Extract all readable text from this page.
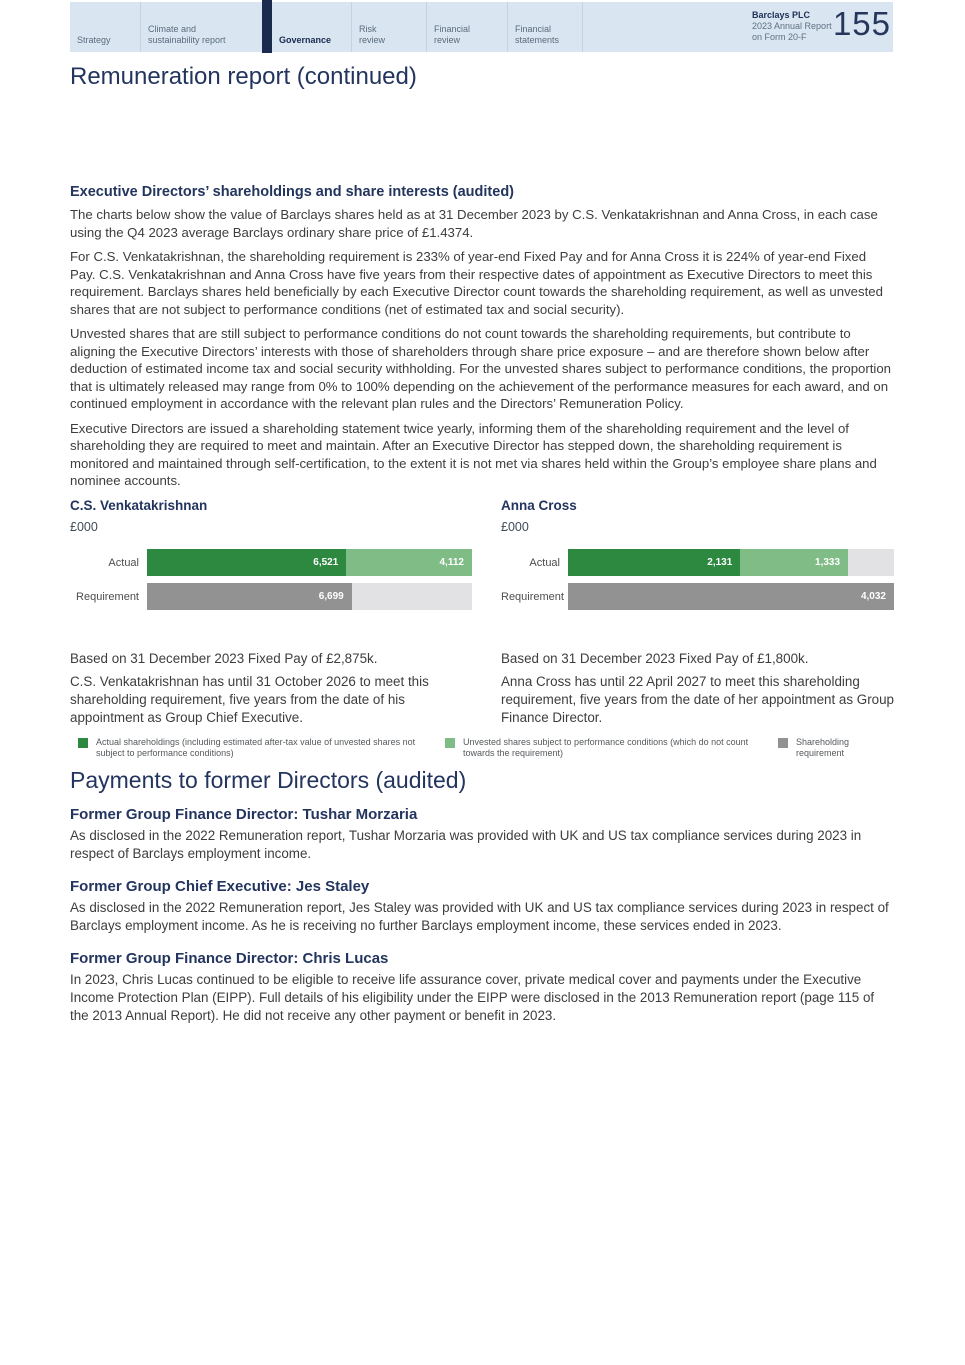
Strategy
Climate and sustainability report	Governance
Risk review
Financial review
Financial statements
Barclays PLC
2023 Annual Report
on Form 20-F 155
Remuneration report (continued)
Executive Directors’ shareholdings and share interests (audited)

The charts below show the value of Barclays shares held as at 31 December 2023 by C.S. Venkatakrishnan and Anna Cross, in each case using the Q4 2023 average Barclays ordinary share price of £1.4374.

For C.S. Venkatakrishnan, the shareholding requirement is 233% of year-end Fixed Pay and for Anna Cross it is 224% of year-end Fixed Pay. C.S. Venkatakrishnan and Anna Cross have five years from their respective dates of appointment as Executive Directors to meet this requirement. Barclays shares held beneficially by each Executive Director count towards the shareholding requirement, as well as unvested shares that are not subject to performance conditions (net of estimated tax and social security).

Unvested shares that are still subject to performance conditions do not count towards the shareholding requirements, but contribute to aligning the Executive Directors’ interests with those of shareholders through share price exposure – and are therefore shown below after deduction of estimated income tax and social security withholding. For the unvested shares subject to performance conditions, the proportion that is ultimately released may range from 0% to 100% depending on the achievement of the performance measures for each award, and on continued employment in accordance with the relevant plan rules and the Directors’ Remuneration Policy.

Executive Directors are issued a shareholding statement twice yearly, informing them of the shareholding requirement and the level of shareholding they are required to meet and maintain. After an Executive Director has stepped down, the shareholding requirement is monitored and maintained through self-certification, to the extent it is not met via shares held within the Group’s employee share plans and nominee accounts.

C.S. Venkatakrishnan
£000
Actual	6,521	4,112
Requirement	6,699
Anna Cross
£000
Actual	2,131	1,333
Requirement	4,032

Based on 31 December 2023 Fixed Pay of £2,875k.

C.S. Venkatakrishnan has until 31 October 2026 to meet this shareholding requirement, five years from the date of his appointment as Group Chief Executive.

Based on 31 December 2023 Fixed Pay of £1,800k.

Anna Cross has until 22 April 2027 to meet this shareholding requirement, five years from the date of her appointment as Group Finance Director.

Actual shareholdings (including estimated after-tax value of unvested shares not subject to performance conditions)
Unvested shares subject to performance conditions (which do not count towards the requirement)
Shareholding requirement
Payments to former Directors (audited)
Former Group Finance Director: Tushar Morzaria

As disclosed in the 2022 Remuneration report, Tushar Morzaria was provided with UK and US tax compliance services during 2023 in respect of Barclays employment income.

Former Group Chief Executive: Jes Staley

As disclosed in the 2022 Remuneration report, Jes Staley was provided with UK and US tax compliance services during 2023 in respect of Barclays employment income. As he is receiving no further Barclays employment income, these services ended in 2023.

Former Group Finance Director: Chris Lucas

In 2023, Chris Lucas continued to be eligible to receive life assurance cover, private medical cover and payments under the Executive Income Protection Plan (EIPP). Full details of his eligibility under the EIPP were disclosed in the 2013 Remuneration report (page 115 of the 2013 Annual Report). He did not receive any other payment or benefit in 2023.
